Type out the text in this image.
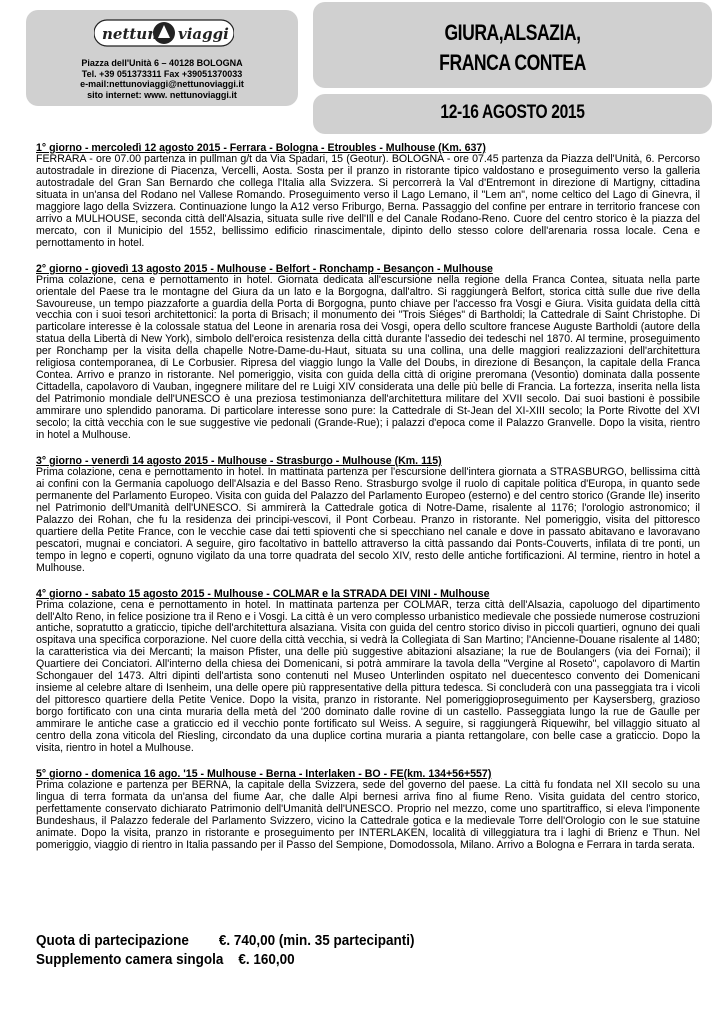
nettun viaggi
Piazza dell'Unità 6 – 40128 BOLOGNA
Tel. +39 051373311 Fax +39051370033
e-mail:nettunoviaggi@nettunoviaggi.it
sito internet: www. nettunoviaggi.it
GIURA,ALSAZIA,
FRANCA CONTEA
12-16 AGOSTO 2015
1° giorno - mercoledì 12 agosto 2015 - Ferrara - Bologna - Etroubles - Mulhouse (Km. 637)

FERRARA - ore 07.00 partenza in pullman g/t da Via Spadari, 15 (Geotur). BOLOGNA - ore 07.45 partenza da Piazza dell'Unità, 6. Percorso autostradale in direzione di Piacenza, Vercelli, Aosta. Sosta per il pranzo in ristorante tipico valdostano e proseguimento verso la galleria autostradale del Gran San Bernardo che collega l'Italia alla Svizzera. Si percorrerà la Val d'Entremont in direzione di Martigny, cittadina situata in un'ansa del Rodano nel Vallese Romando. Proseguimento verso il Lago Lemano, il "Lem an", nome celtico del Lago di Ginevra, il maggiore lago della Svizzera. Continuazione lungo la A12 verso Friburgo, Berna. Passaggio del confine per entrare in territorio francese con arrivo a MULHOUSE, seconda città dell'Alsazia, situata sulle rive dell'Ill e del Canale Rodano-Reno. Cuore del centro storico è la piazza del mercato, con il Municipio del 1552, bellissimo edificio rinascimentale, dipinto dello stesso colore dell'arenaria rossa locale. Cena e pernottamento in hotel.

2° giorno - giovedì 13 agosto 2015 - Mulhouse - Belfort - Ronchamp - Besançon - Mulhouse

Prima colazione, cena e pernottamento in hotel. Giornata dedicata all'escursione nella regione della Franca Contea, situata nella parte orientale del Paese tra le montagne del Giura da un lato e la Borgogna, dall'altro. Si raggiungerà Belfort, storica città sulle due rive della Savoureuse, un tempo piazzaforte a guardia della Porta di Borgogna, punto chiave per l'accesso fra Vosgi e Giura. Visita guidata della città vecchia con i suoi tesori architettonici: la porta di Brisach; il monumento dei "Trois Siéges" di Bartholdi; la Cattedrale di Saint Christophe. Di particolare interesse è la colossale statua del Leone in arenaria rosa dei Vosgi, opera dello scultore francese Auguste Bartholdi (autore della statua della Libertà di New York), simbolo dell'eroica resistenza della città durante l'assedio dei tedeschi nel 1870. Al termine, proseguimento per Ronchamp per la visita della chapelle Notre-Dame-du-Haut, situata su una collina, una delle maggiori realizzazioni dell'architettura religiosa contemporanea, di Le Corbusier. Ripresa del viaggio lungo la Valle del Doubs, in direzione di Besançon, la capitale della Franca Contea. Arrivo e pranzo in ristorante. Nel pomeriggio, visita con guida della città di origine preromana (Vesontio) dominata dalla possente Cittadella, capolavoro di Vauban, ingegnere militare del re Luigi XIV considerata una delle più belle di Francia. La fortezza, inserita nella lista del Patrimonio mondiale dell'UNESCO è una preziosa testimonianza dell'architettura militare del XVII secolo. Dai suoi bastioni è possibile ammirare uno splendido panorama. Di particolare interesse sono pure: la Cattedrale di St-Jean del XI-XIII secolo; la Porte Rivotte del XVI secolo; la città vecchia con le sue suggestive vie pedonali (Grande-Rue); i palazzi d'epoca come il Palazzo Granvelle. Dopo la visita, rientro in hotel a Mulhouse.

3° giorno - venerdì 14 agosto 2015 - Mulhouse - Strasburgo - Mulhouse (Km. 115)

Prima colazione, cena e pernottamento in hotel. In mattinata partenza per l'escursione dell'intera giornata a STRASBURGO, bellissima città ai confini con la Germania capoluogo dell'Alsazia e del Basso Reno. Strasburgo svolge il ruolo di capitale politica d'Europa, in quanto sede permanente del Parlamento Europeo. Visita con guida del Palazzo del Parlamento Europeo (esterno) e del centro storico (Grande Ile) inserito nel Patrimonio dell'Umanità dell'UNESCO. Si ammirerà la Cattedrale gotica di Notre-Dame, risalente al 1176; l'orologio astronomico; il Palazzo dei Rohan, che fu la residenza dei principi-vescovi, il Pont Corbeau. Pranzo in ristorante. Nel pomeriggio, visita del pittoresco quartiere della Petite France, con le vecchie case dai tetti spioventi che si specchiano nel canale e dove in passato abitavano e lavoravano pescatori, mugnai e conciatori. A seguire, giro facoltativo in battello attraverso la città passando dai Ponts-Couverts, infilata di tre ponti, un tempo in legno e coperti, ognuno vigilato da una torre quadrata del secolo XIV, resto delle antiche fortificazioni. Al termine, rientro in hotel a Mulhouse.

4° giorno - sabato 15 agosto 2015 - Mulhouse - COLMAR e la STRADA DEI VINI - Mulhouse

Prima colazione, cena e pernottamento in hotel. In mattinata partenza per COLMAR, terza città dell'Alsazia, capoluogo del dipartimento dell'Alto Reno, in felice posizione tra il Reno e i Vosgi. La città è un vero complesso urbanistico medievale che possiede numerose costruzioni antiche, sopratutto a graticcio, tipiche dell'architettura alsaziana. Visita con guida del centro storico diviso in piccoli quartieri, ognuno dei quali ospitava una specifica corporazione. Nel cuore della città vecchia, si vedrà la Collegiata di San Martino; l'Ancienne-Douane risalente al 1480; la caratteristica via dei Mercanti; la maison Pfister, una delle più suggestive abitazioni alsaziane; la rue de Boulangers (via dei Fornai); il Quartiere dei Conciatori. All'interno della chiesa dei Domenicani, si potrà ammirare la tavola della "Vergine al Roseto", capolavoro di Martin Schongauer del 1473. Altri dipinti dell'artista sono contenuti nel Museo Unterlinden ospitato nel duecentesco convento dei Domenicani insieme al celebre altare di Isenheim, una delle opere più rappresentative della pittura tedesca. Si concluderà con una passeggiata tra i vicoli del pittoresco quartiere della Petite Venice. Dopo la visita, pranzo in ristorante. Nel pomeriggioproseguimento per Kaysersberg, grazioso borgo fortificato con una cinta muraria della metà del '200 dominato dalle rovine di un castello. Passeggiata lungo la rue de Gaulle per ammirare le antiche case a graticcio ed il vecchio ponte fortificato sul Weiss. A seguire, si raggiungerà Riquewihr, bel villaggio situato al centro della zona viticola del Riesling, circondato da una duplice cortina muraria a pianta rettangolare, con belle case a graticcio. Dopo la visita, rientro in hotel a Mulhouse.

5° giorno - domenica 16 ago. '15 - Mulhouse - Berna - Interlaken - BO - FE(km. 134+56+557)

Prima colazione e partenza per BERNA, la capitale della Svizzera, sede del governo del paese. La città fu fondata nel XII secolo su una lingua di terra formata da un'ansa del fiume Aar, che dalle Alpi bernesi arriva fino al fiume Reno. Visita guidata del centro storico, perfettamente conservato dichiarato Patrimonio dell'Umanità dell'UNESCO. Proprio nel mezzo, come uno spartitraffico, si eleva l'imponente Bundeshaus, il Palazzo federale del Parlamento Svizzero, vicino la Cattedrale gotica e la medievale Torre dell'Orologio con le sue statuine animate. Dopo la visita, pranzo in ristorante e proseguimento per INTERLAKEN, località di villeggiatura tra i laghi di Brienz e Thun. Nel pomeriggio, viaggio di rientro in Italia passando per il Passo del Sempione, Domodossola, Milano. Arrivo a Bologna e Ferrara in tarda serata.

Quota di partecipazione €. 740,00 (min. 35 partecipanti)
Supplemento camera singola €. 160,00
